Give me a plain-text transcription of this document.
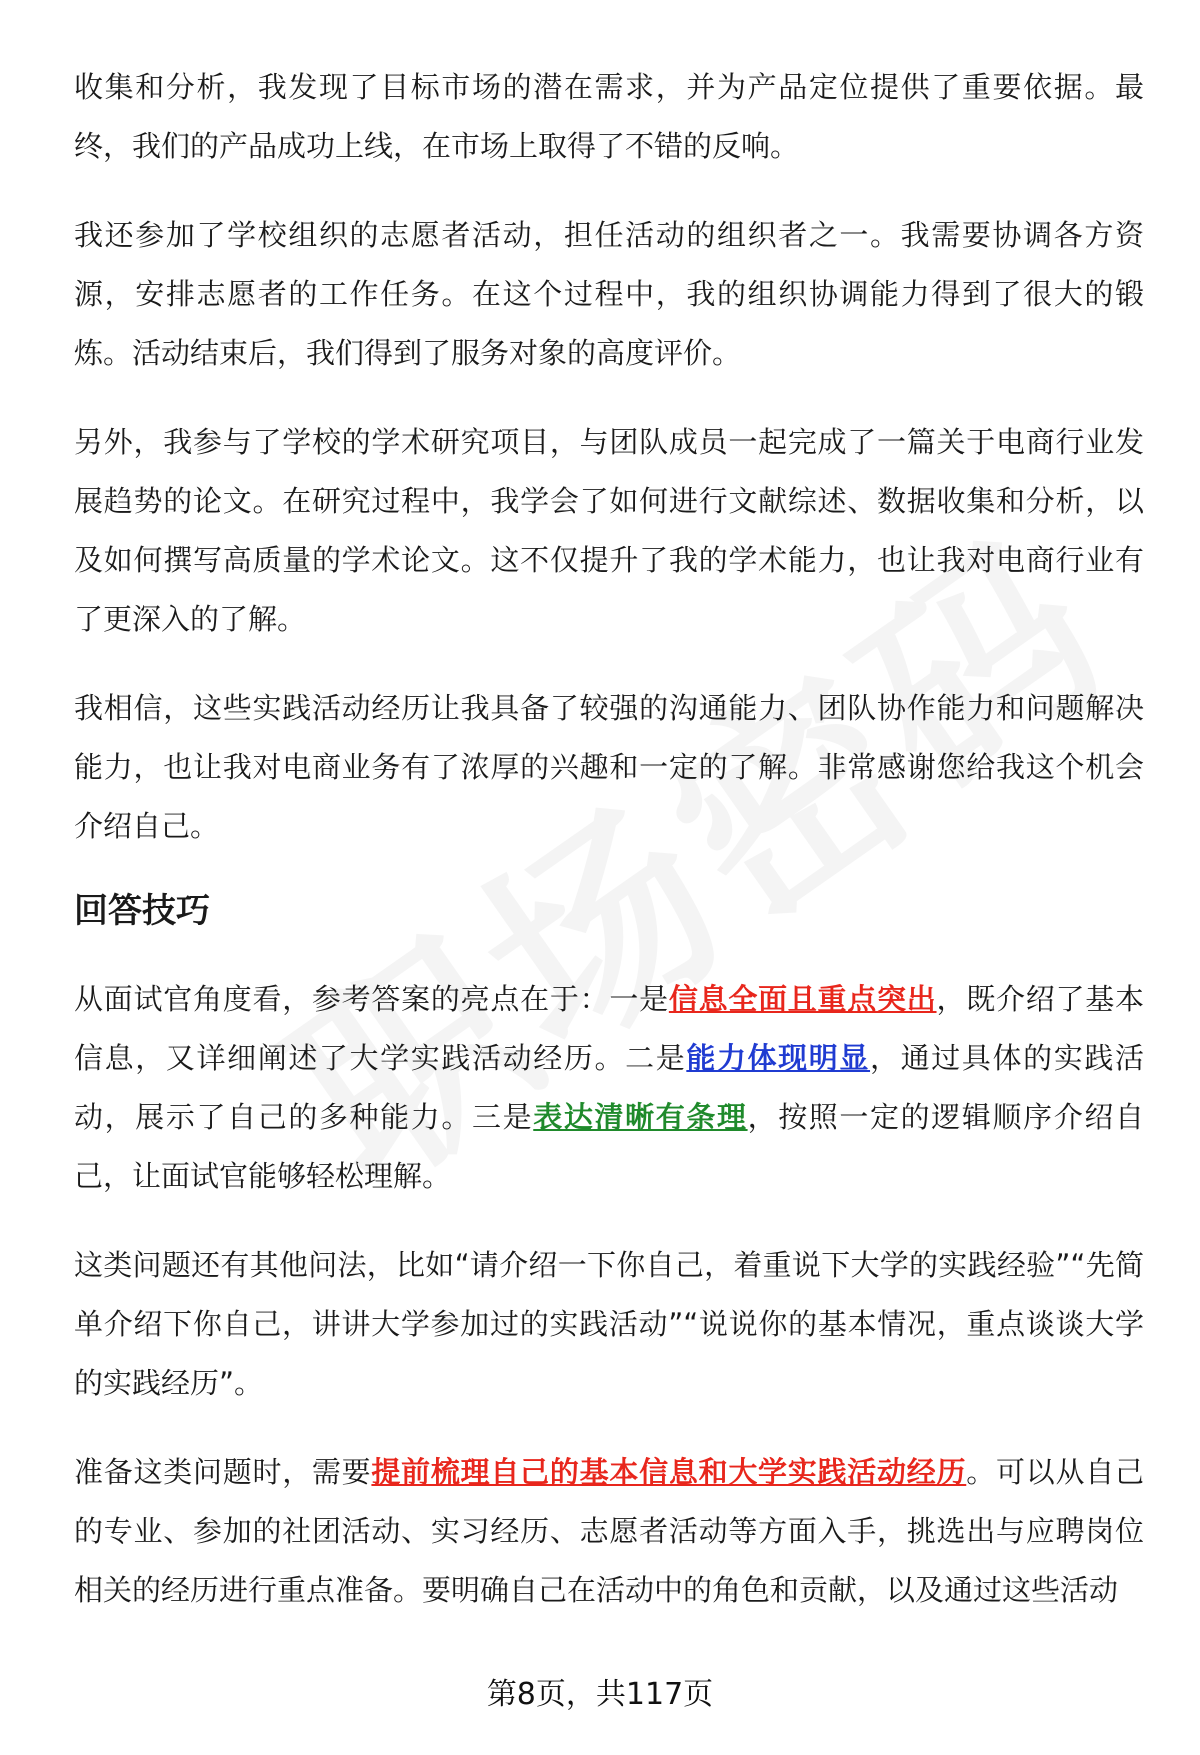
收集和分析，我发现了目标市场的潜在需求，并为产品定位提供了重要依据。最终，我们的产品成功上线，在市场上取得了不错的反响。

我还参加了学校组织的志愿者活动，担任活动的组织者之一。我需要协调各方资源，安排志愿者的工作任务。在这个过程中，我的组织协调能力得到了很大的锻炼。活动结束后，我们得到了服务对象的高度评价。

另外，我参与了学校的学术研究项目，与团队成员一起完成了一篇关于电商行业发展趋势的论文。在研究过程中，我学会了如何进行文献综述、数据收集和分析，以及如何撰写高质量的学术论文。这不仅提升了我的学术能力，也让我对电商行业有了更深入的了解。

我相信，这些实践活动经历让我具备了较强的沟通能力、团队协作能力和问题解决能力，也让我对电商业务有了浓厚的兴趣和一定的了解。非常感谢您给我这个机会介绍自己。

回答技巧

从面试官角度看，参考答案的亮点在于：一是信息全面且重点突出，既介绍了基本信息，又详细阐述了大学实践活动经历。二是能力体现明显，通过具体的实践活动，展示了自己的多种能力。三是表达清晰有条理，按照一定的逻辑顺序介绍自己，让面试官能够轻松理解。

这类问题还有其他问法，比如“请介绍一下你自己，着重说下大学的实践经验”“先简单介绍下你自己，讲讲大学参加过的实践活动”“说说你的基本情况，重点谈谈大学的实践经历”。

准备这类问题时，需要提前梳理自己的基本信息和大学实践活动经历。可以从自己的专业、参加的社团活动、实习经历、志愿者活动等方面入手，挑选出与应聘岗位相关的经历进行重点准备。要明确自己在活动中的角色和贡献，以及通过这些活动

第8页，共117页
